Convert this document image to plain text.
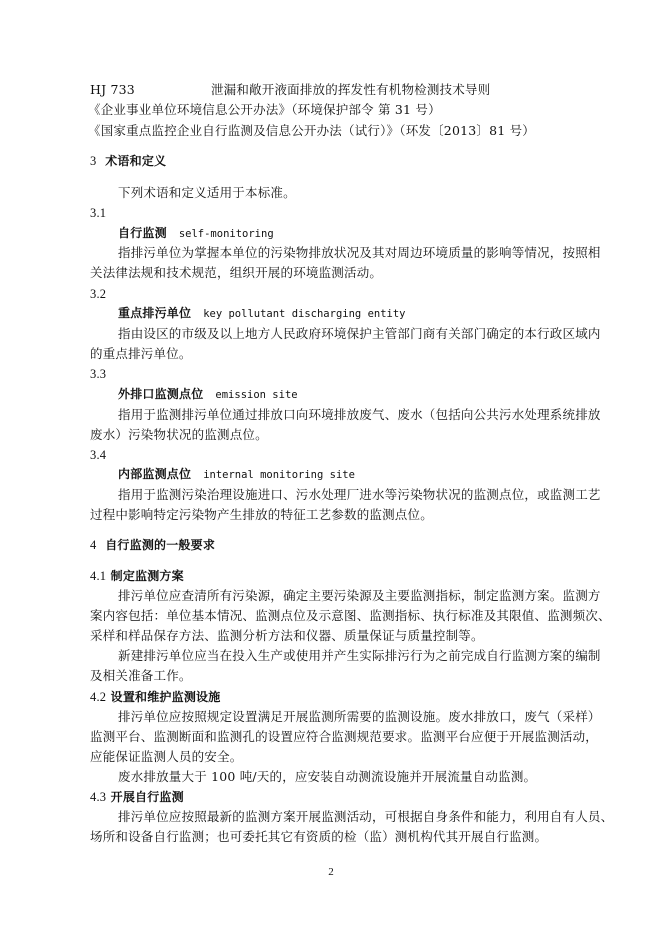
HJ 733	泄漏和敞开液面排放的挥发性有机物检测技术导则
《企业事业单位环境信息公开办法》（环境保护部令 第 31 号）
《国家重点监控企业自行监测及信息公开办法（试行）》（环发〔2013〕81 号）
3 术语和定义
下列术语和定义适用于本标准。
3.1
自行监测 self-monitoring
指排污单位为掌握本单位的污染物排放状况及其对周边环境质量的影响等情况，按照相
关法律法规和技术规范，组织开展的环境监测活动。
3.2
重点排污单位 key pollutant discharging entity
指由设区的市级及以上地方人民政府环境保护主管部门商有关部门确定的本行政区域内
的重点排污单位。
3.3
外排口监测点位 emission site
指用于监测排污单位通过排放口向环境排放废气、废水（包括向公共污水处理系统排放
废水）污染物状况的监测点位。
3.4
内部监测点位 internal monitoring site
指用于监测污染治理设施进口、污水处理厂进水等污染物状况的监测点位，或监测工艺
过程中影响特定污染物产生排放的特征工艺参数的监测点位。
4 自行监测的一般要求
4.1 制定监测方案
排污单位应查清所有污染源，确定主要污染源及主要监测指标，制定监测方案。监测方
案内容包括：单位基本情况、监测点位及示意图、监测指标、执行标准及其限值、监测频次、
采样和样品保存方法、监测分析方法和仪器、质量保证与质量控制等。
新建排污单位应当在投入生产或使用并产生实际排污行为之前完成自行监测方案的编制
及相关准备工作。
4.2 设置和维护监测设施
排污单位应按照规定设置满足开展监测所需要的监测设施。废水排放口，废气（采样）
监测平台、监测断面和监测孔的设置应符合监测规范要求。监测平台应便于开展监测活动，
应能保证监测人员的安全。
废水排放量大于 100 吨/天的，应安装自动测流设施并开展流量自动监测。
4.3 开展自行监测
排污单位应按照最新的监测方案开展监测活动，可根据自身条件和能力，利用自有人员、
场所和设备自行监测；也可委托其它有资质的检（监）测机构代其开展自行监测。
2
